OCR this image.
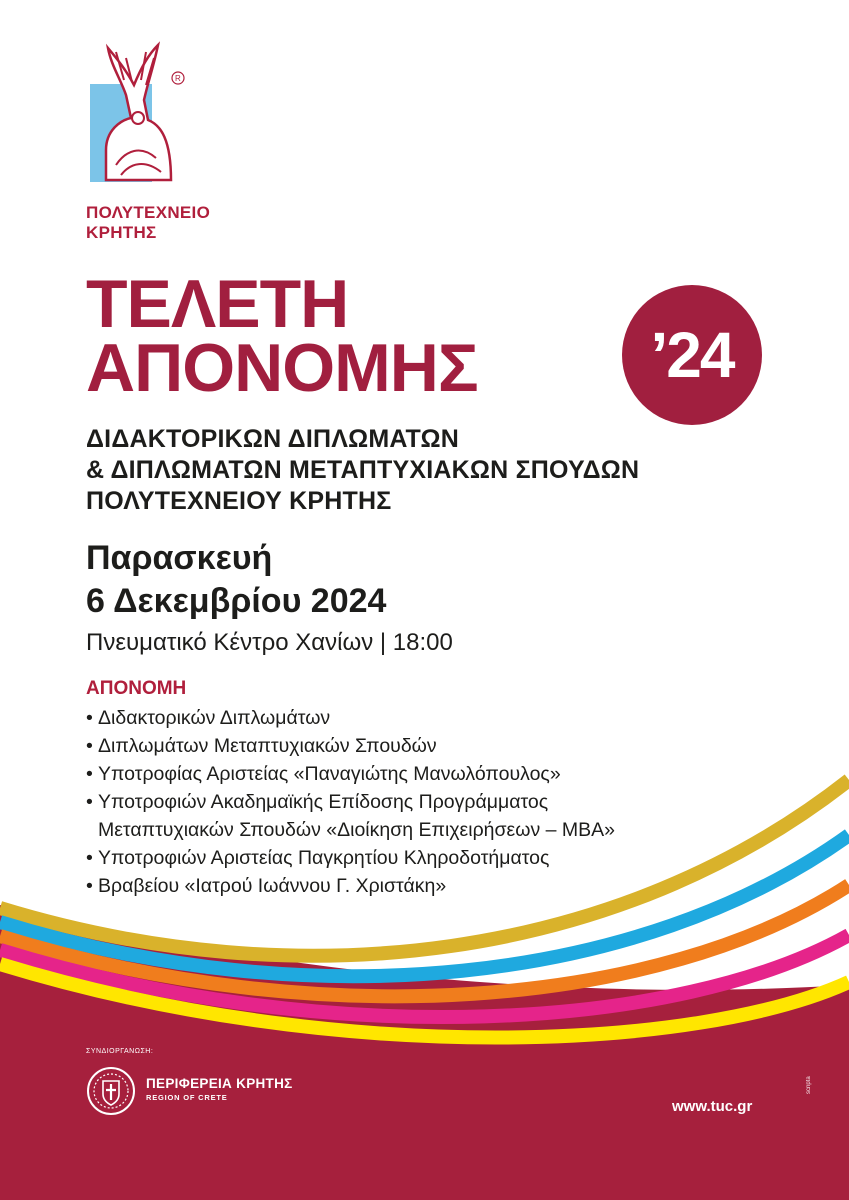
R
ΠΟΛΥΤΕΧΝΕΙΟ
ΚΡΗΤΗΣ
ΤΕΛΕΤΗ
ΑΠΟΝΟΜΗΣ	’24
ΔΙΔΑΚΤΟΡΙΚΩΝ ΔΙΠΛΩΜΑΤΩΝ
& ΔΙΠΛΩΜΑΤΩΝ ΜΕΤΑΠΤΥΧΙΑΚΩΝ ΣΠΟΥΔΩΝ
ΠΟΛΥΤΕΧΝΕΙΟΥ ΚΡΗΤΗΣ
Παρασκευή
6 Δεκεμβρίου 2024
Πνευματικό Κέντρο Χανίων | 18:00
ΑΠΟΝΟΜΗ
• Διδακτορικών Διπλωμάτων
• Διπλωμάτων Μεταπτυχιακών Σπουδών
• Υποτροφίας Αριστείας «Παναγιώτης Μανωλόπουλος»
• Υποτροφιών Ακαδημαϊκής Επίδοσης Προγράμματος
Μεταπτυχιακών Σπουδών «Διοίκηση Επιχειρήσεων – MBA»
• Υποτροφιών Αριστείας Παγκρητίου Κληροδοτήματος
• Βραβείου «Ιατρού Ιωάννου Γ. Χριστάκη»
ΣΥΝΔΙΟΡΓΑΝΩΣΗ:
ΠΕΡΙΦΕΡΕΙΑ ΚΡΗΤΗΣ
REGION OF CRETE
www.tuc.gr
scripta
